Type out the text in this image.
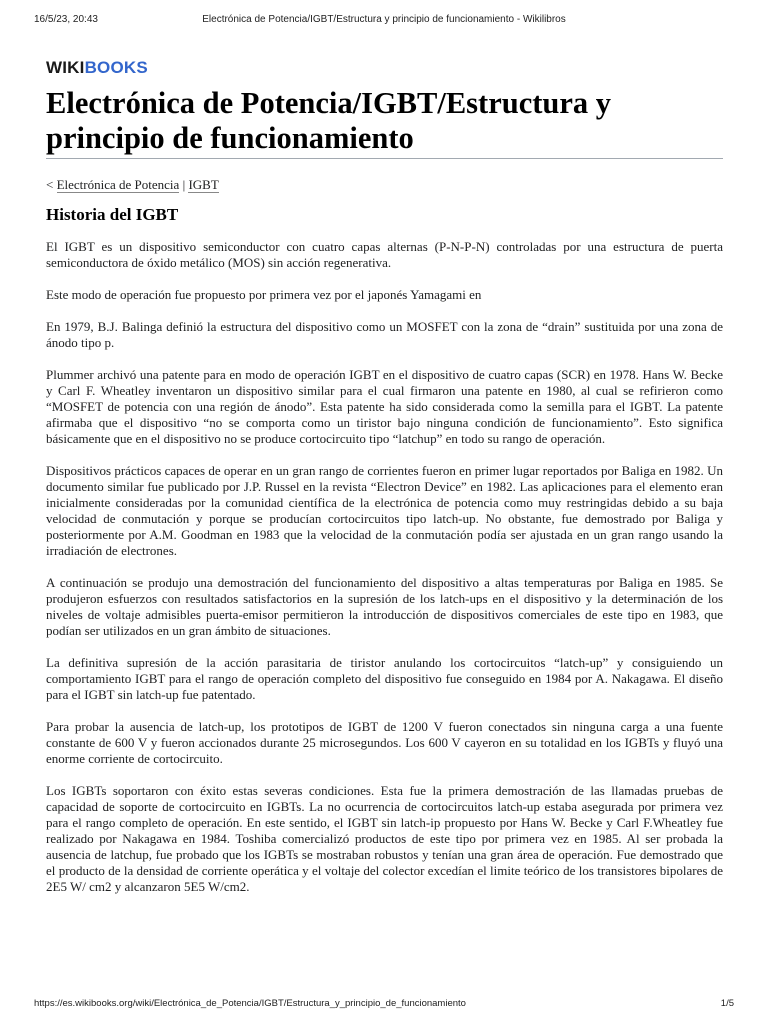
16/5/23, 20:43	Electrónica de Potencia/IGBT/Estructura y principio de funcionamiento - Wikilibros
WIKIBOOKS
Electrónica de Potencia/IGBT/Estructura y principio de funcionamiento
< Electrónica de Potencia | IGBT
Historia del IGBT

El IGBT es un dispositivo semiconductor con cuatro capas alternas (P-N-P-N) controladas por una estructura de puerta semiconductora de óxido metálico (MOS) sin acción regenerativa.

Este modo de operación fue propuesto por primera vez por el japonés Yamagami en

En 1979, B.J. Balinga definió la estructura del dispositivo como un MOSFET con la zona de “drain” sustituida por una zona de ánodo tipo p.

Plummer archivó una patente para en modo de operación IGBT en el dispositivo de cuatro capas (SCR) en 1978. Hans W. Becke y Carl F. Wheatley inventaron un dispositivo similar para el cual firmaron una patente en 1980, al cual se refirieron como “MOSFET de potencia con una región de ánodo”. Esta patente ha sido considerada como la semilla para el IGBT. La patente afirmaba que el dispositivo “no se comporta como un tiristor bajo ninguna condición de funcionamiento”. Esto significa básicamente que en el dispositivo no se produce cortocircuito tipo “latchup” en todo su rango de operación.

Dispositivos prácticos capaces de operar en un gran rango de corrientes fueron en primer lugar reportados por Baliga en 1982. Un documento similar fue publicado por J.P. Russel en la revista “Electron Device” en 1982. Las aplicaciones para el elemento eran inicialmente consideradas por la comunidad científica de la electrónica de potencia como muy restringidas debido a su baja velocidad de conmutación y porque se producían cortocircuitos tipo latch-up. No obstante, fue demostrado por Baliga y posteriormente por A.M. Goodman en 1983 que la velocidad de la conmutación podía ser ajustada en un gran rango usando la irradiación de electrones.

A continuación se produjo una demostración del funcionamiento del dispositivo a altas temperaturas por Baliga en 1985. Se produjeron esfuerzos con resultados satisfactorios en la supresión de los latch-ups en el dispositivo y la determinación de los niveles de voltaje admisibles puerta-emisor permitieron la introducción de dispositivos comerciales de este tipo en 1983, que podían ser utilizados en un gran ámbito de situaciones.

La definitiva supresión de la acción parasitaria de tiristor anulando los cortocircuitos “latch-up” y consiguiendo un comportamiento IGBT para el rango de operación completo del dispositivo fue conseguido en 1984 por A. Nakagawa. El diseño para el IGBT sin latch-up fue patentado.

Para probar la ausencia de latch-up, los prototipos de IGBT de 1200 V fueron conectados sin ninguna carga a una fuente constante de 600 V y fueron accionados durante 25 microsegundos. Los 600 V cayeron en su totalidad en los IGBTs y fluyó una enorme corriente de cortocircuito.

Los IGBTs soportaron con éxito estas severas condiciones. Esta fue la primera demostración de las llamadas pruebas de capacidad de soporte de cortocircuito en IGBTs. La no ocurrencia de cortocircuitos latch-up estaba asegurada por primera vez para el rango completo de operación. En este sentido, el IGBT sin latch-ip propuesto por Hans W. Becke y Carl F.Wheatley fue realizado por Nakagawa en 1984. Toshiba comercializó productos de este tipo por primera vez en 1985. Al ser probada la ausencia de latchup, fue probado que los IGBTs se mostraban robustos y tenían una gran área de operación. Fue demostrado que el producto de la densidad de corriente operática y el voltaje del colector excedían el limite teórico de los transistores bipolares de 2E5 W/ cm2 y alcanzaron 5E5 W/cm2.

https://es.wikibooks.org/wiki/Electrónica_de_Potencia/IGBT/Estructura_y_principio_de_funcionamiento	1/5
